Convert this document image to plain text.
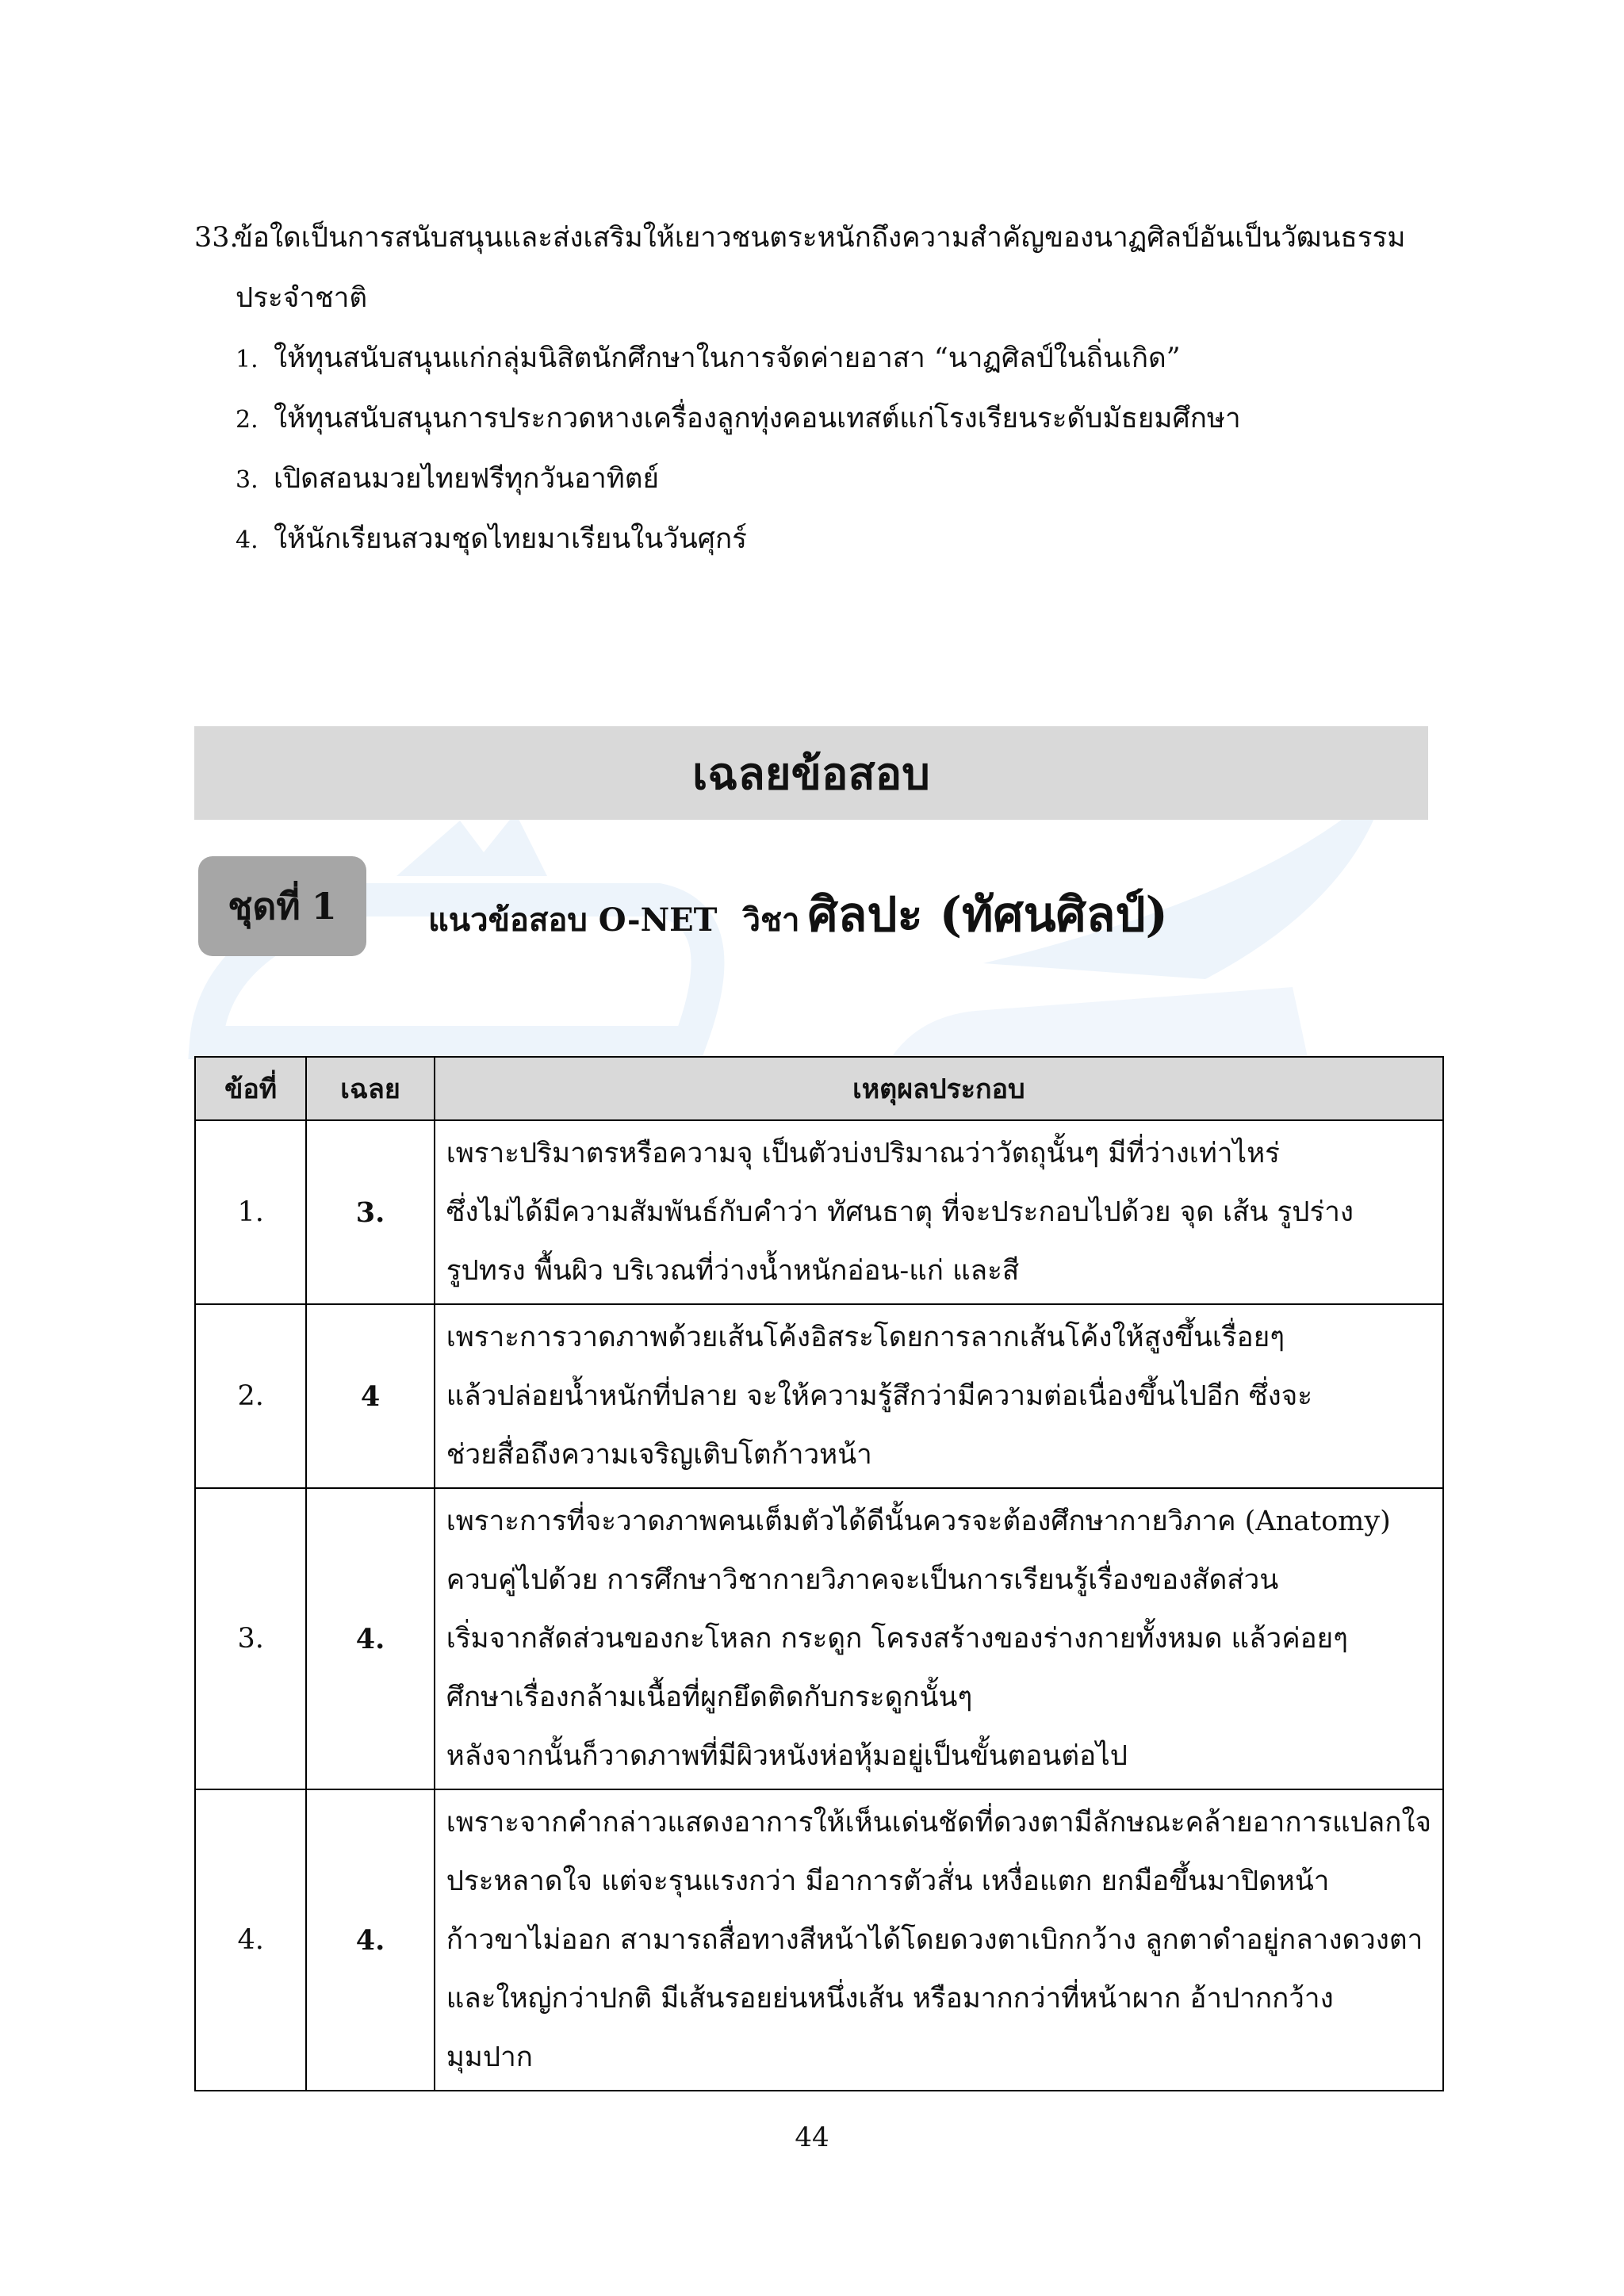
33.ข้อใดเป็นการสนับสนุนและส่งเสริมให้เยาวชนตระหนักถึงความสำคัญของนาฏศิลป์อันเป็นวัฒนธรรม
ประจำชาติ
1. ให้ทุนสนับสนุนแก่กลุ่มนิสิตนักศึกษาในการจัดค่ายอาสา “นาฏศิลป์ในถิ่นเกิด”
2. ให้ทุนสนับสนุนการประกวดหางเครื่องลูกทุ่งคอนเทสต์แก่โรงเรียนระดับมัธยมศึกษา
3. เปิดสอนมวยไทยฟรีทุกวันอาทิตย์
4. ให้นักเรียนสวมชุดไทยมาเรียนในวันศุกร์
เฉลยข้อสอบ
ชุดที่ 1	แนวข้อสอบ O-NET วิชา ศิลปะ (ทัศนศิลป์)
ข้อที่	เฉลย	เหตุผลประกอบ
1.	3.	เพราะปริมาตรหรือความจุ เป็นตัวบ่งปริมาณว่าวัตถุนั้นๆ มีที่ว่างเท่าไหร่
ซึ่งไม่ได้มีความสัมพันธ์กับคำว่า ทัศนธาตุ ที่จะประกอบไปด้วย จุด เส้น รูปร่าง
รูปทรง พื้นผิว บริเวณที่ว่างน้ำหนักอ่อน-แก่ และสี

2.	4	เพราะการวาดภาพด้วยเส้นโค้งอิสระโดยการลากเส้นโค้งให้สูงขึ้นเรื่อยๆ
แล้วปล่อยน้ำหนักที่ปลาย จะให้ความรู้สึกว่ามีความต่อเนื่องขึ้นไปอีก ซึ่งจะ
ช่วยสื่อถึงความเจริญเติบโตก้าวหน้า

3.	4.	เพราะการที่จะวาดภาพคนเต็มตัวได้ดีนั้นควรจะต้องศึกษากายวิภาค (Anatomy)
ควบคู่ไปด้วย การศึกษาวิชากายวิภาคจะเป็นการเรียนรู้เรื่องของสัดส่วน
เริ่มจากสัดส่วนของกะโหลก กระดูก โครงสร้างของร่างกายทั้งหมด แล้วค่อยๆ
ศึกษาเรื่องกล้ามเนื้อที่ผูกยึดติดกับกระดูกนั้นๆ
หลังจากนั้นก็วาดภาพที่มีผิวหนังห่อหุ้มอยู่เป็นขั้นตอนต่อไป

4.	4.	เพราะจากคำกล่าวแสดงอาการให้เห็นเด่นชัดที่ดวงตามีลักษณะคล้ายอาการแปลกใจ
ประหลาดใจ แต่จะรุนแรงกว่า มีอาการตัวสั่น เหงื่อแตก ยกมือขึ้นมาปิดหน้า
ก้าวขาไม่ออก สามารถสื่อทางสีหน้าได้โดยดวงตาเบิกกว้าง ลูกตาดำอยู่กลางดวงตา
และใหญ่กว่าปกติ มีเส้นรอยย่นหนึ่งเส้น หรือมากกว่าที่หน้าผาก อ้าปากกว้าง
มุมปาก
44
